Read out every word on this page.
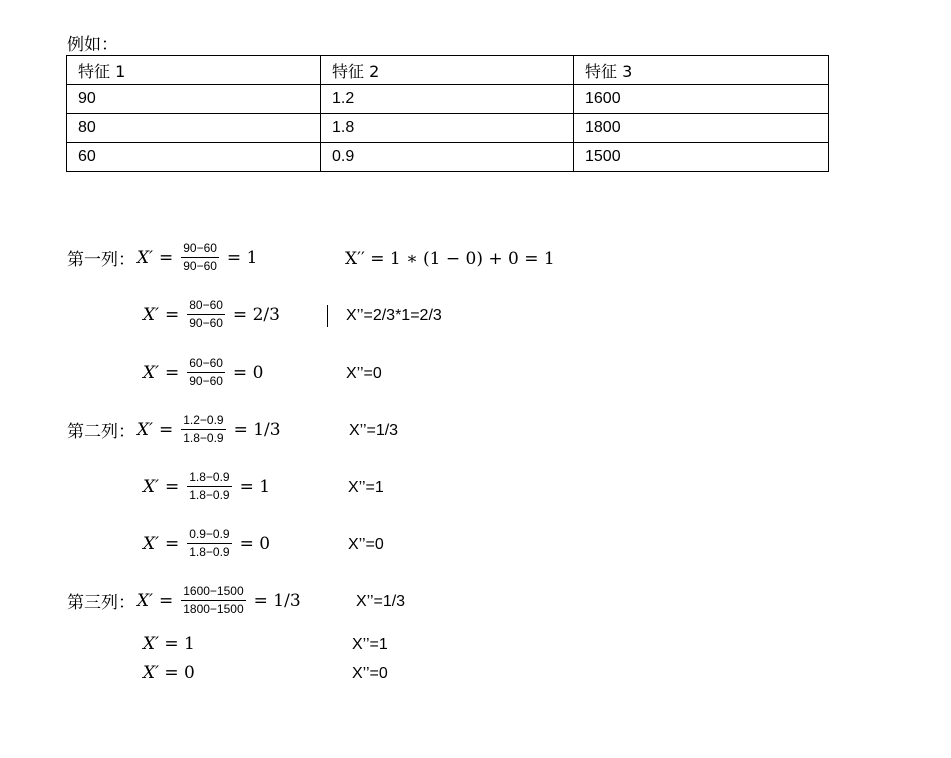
例如：
特征 1	特征 2	特征 3
90	1.2	1600
80	1.8	1800
60	0.9	1500
第一列： $X' = \frac{90-60}{90-60} = 1$	X′′ = 1 ∗ (1 − 0) + 0 = 1
$X' = \frac{80-60}{90-60} = 2/3$	X’’=2/3*1=2/3
$X' = \frac{60-60}{90-60} = 0$	X’’=0
第二列： $X' = \frac{1.2-0.9}{1.8-0.9} = 1/3$	X’’=1/3
$X' = \frac{1.8-0.9}{1.8-0.9} = 1$	X’’=1
$X' = \frac{0.9-0.9}{1.8-0.9} = 0$	X’’=0
第三列： $X' = \frac{1600-1500}{1800-1500} = 1/3$	X’’=1/3
X′ = 1	X’’=1
X′ = 0	X’’=0
